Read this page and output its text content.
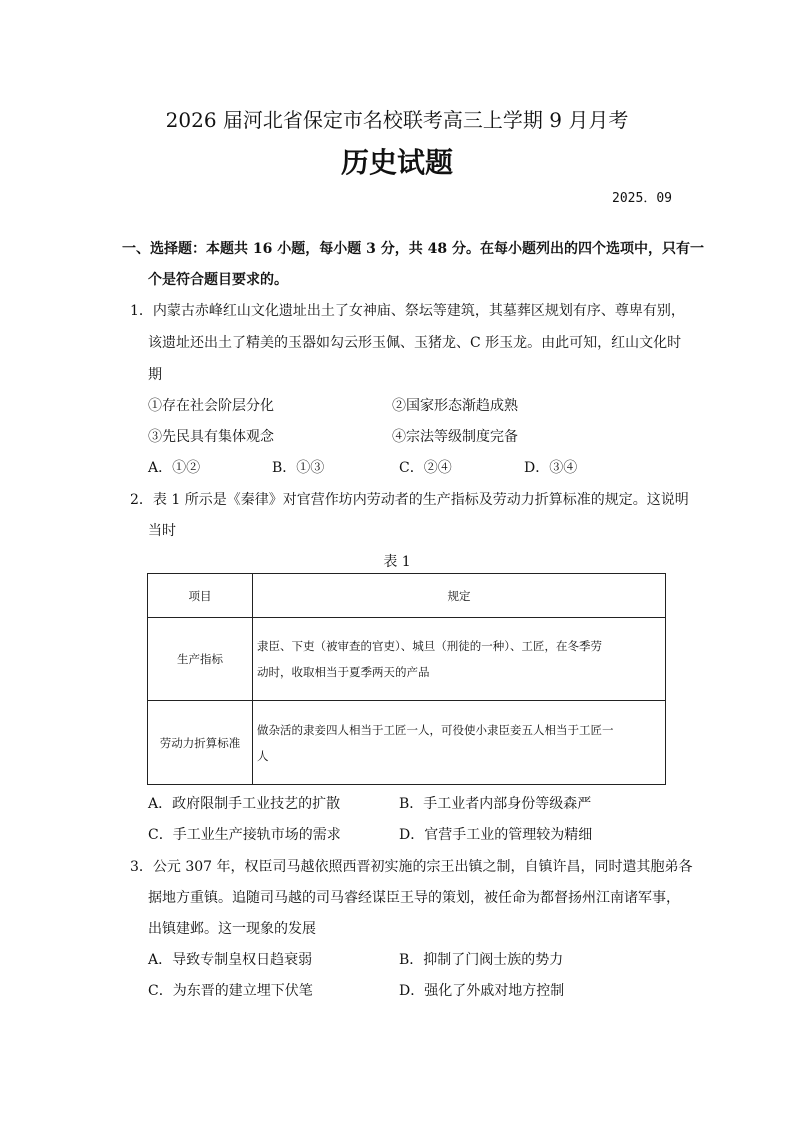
2026 届河北省保定市名校联考高三上学期 9 月月考
历史试题
2025．09
一、选择题：本题共 16 小题，每小题 3 分，共 48 分。在每小题列出的四个选项中，只有一
个是符合题目要求的。
1．内蒙古赤峰红山文化遗址出土了女神庙、祭坛等建筑，其墓葬区规划有序、尊卑有别，
该遗址还出土了精美的玉器如勾云形玉佩、玉猪龙、C 形玉龙。由此可知，红山文化时
期
①存在社会阶层分化	②国家形态渐趋成熟
③先民具有集体观念	④宗法等级制度完备
A．①②	B．①③	C．②④	D．③④
2．表 1 所示是《秦律》对官营作坊内劳动者的生产指标及劳动力折算标准的规定。这说明
当时
表 1
项目	规定
生产指标	隶臣、下吏（被审查的官吏）、城旦（刑徒的一种）、工匠，在冬季劳
动时，收取相当于夏季两天的产品

劳动力折算标准	做杂活的隶妾四人相当于工匠一人，可役使小隶臣妾五人相当于工匠一
人
A．政府限制手工业技艺的扩散	B．手工业者内部身份等级森严
C．手工业生产接轨市场的需求	D．官营手工业的管理较为精细
3．公元 307 年，权臣司马越依照西晋初实施的宗王出镇之制，自镇许昌，同时遣其胞弟各
据地方重镇。追随司马越的司马睿经谋臣王导的策划，被任命为都督扬州江南诸军事，
出镇建邺。这一现象的发展
A．导致专制皇权日趋衰弱	B．抑制了门阀士族的势力
C．为东晋的建立埋下伏笔	D．强化了外戚对地方控制
